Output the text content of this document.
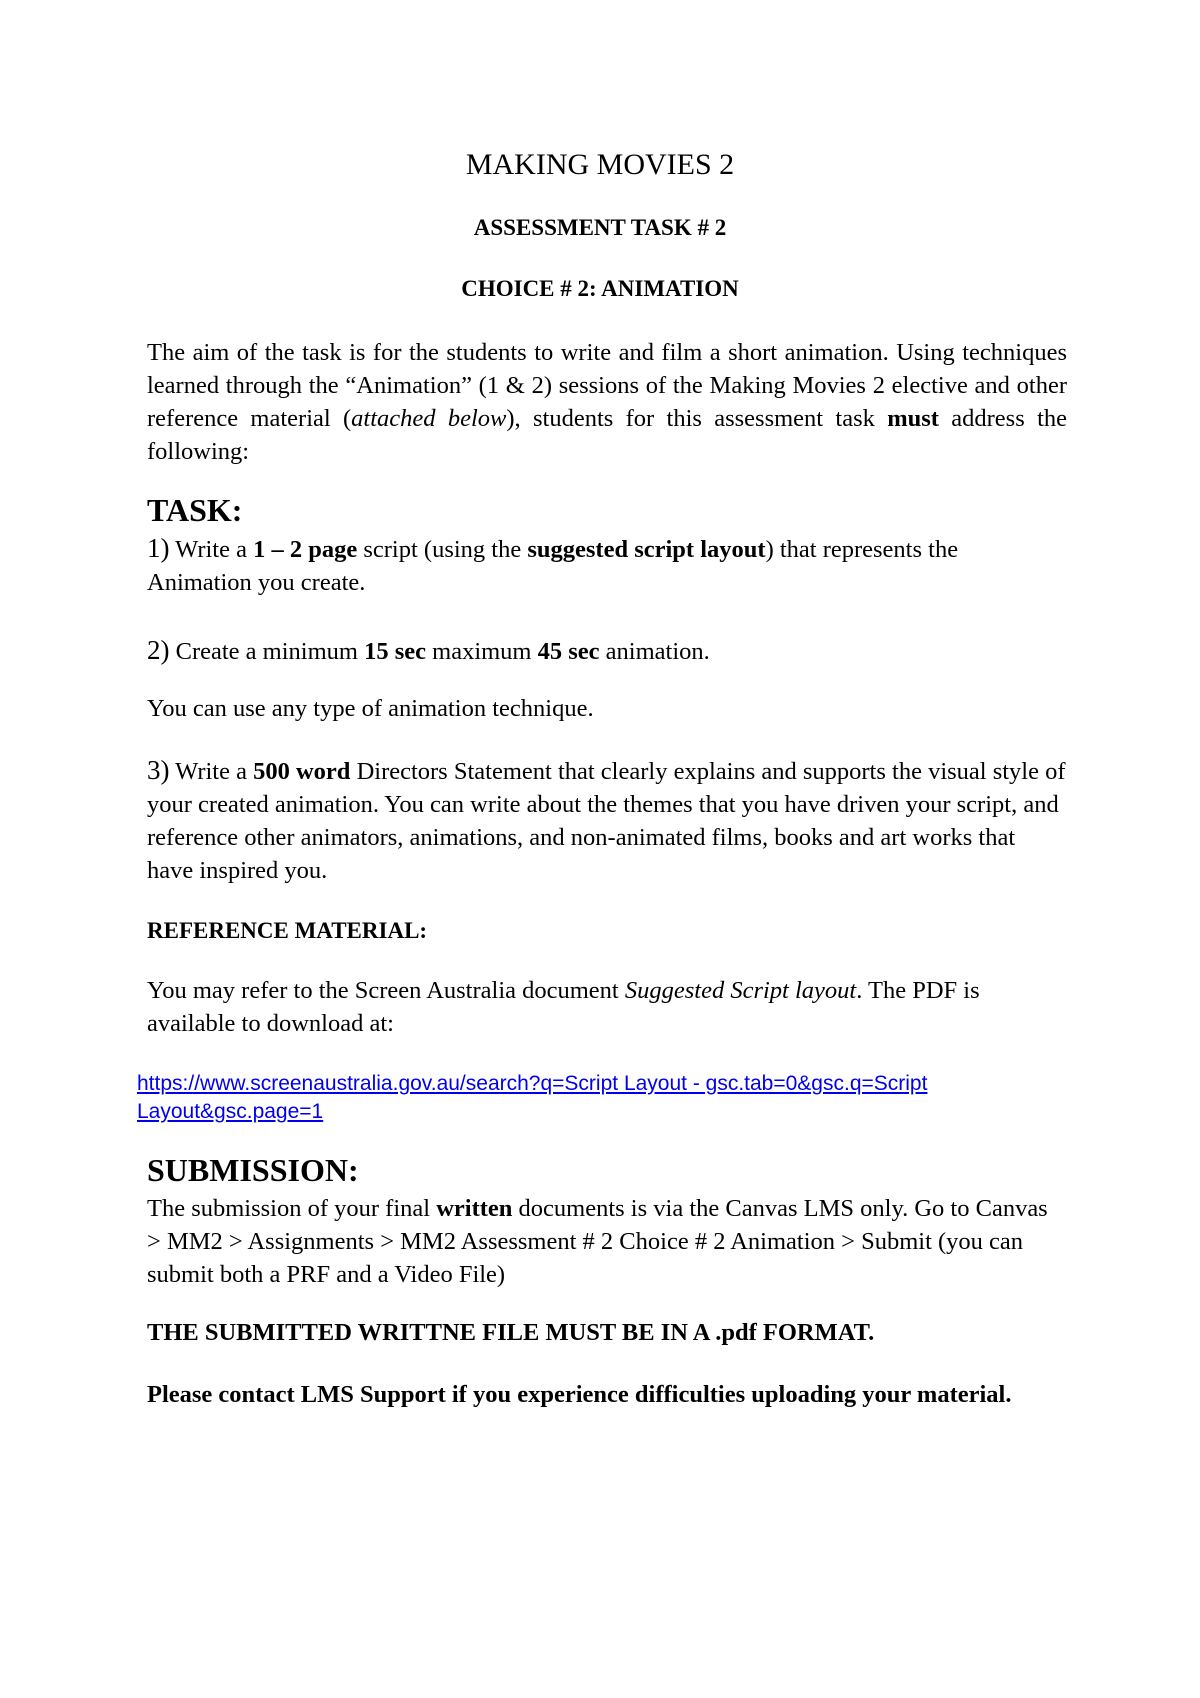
MAKING MOVIES 2
ASSESSMENT TASK # 2
CHOICE # 2: ANIMATION
The aim of the task is for the students to write and film a short animation. Using techniques learned through the “Animation” (1 & 2) sessions of the Making Movies 2 elective and other reference material (attached below), students for this assessment task must address the following:
TASK:
1) Write a 1 – 2 page script (using the suggested script layout) that represents the Animation you create.
2) Create a minimum 15 sec maximum 45 sec animation.
You can use any type of animation technique.
3) Write a 500 word Directors Statement that clearly explains and supports the visual style of your created animation. You can write about the themes that you have driven your script, and reference other animators, animations, and non-animated films, books and art works that have inspired you.
REFERENCE MATERIAL:
You may refer to the Screen Australia document Suggested Script layout. The PDF is available to download at:
https://www.screenaustralia.gov.au/search?q=Script Layout - gsc.tab=0&gsc.q=Script Layout&gsc.page=1
SUBMISSION:
The submission of your final written documents is via the Canvas LMS only. Go to Canvas > MM2 > Assignments > MM2 Assessment # 2 Choice # 2 Animation > Submit (you can submit both a PRF and a Video File)
THE SUBMITTED WRITTNE FILE MUST BE IN A .pdf FORMAT.
Please contact LMS Support if you experience difficulties uploading your material.
